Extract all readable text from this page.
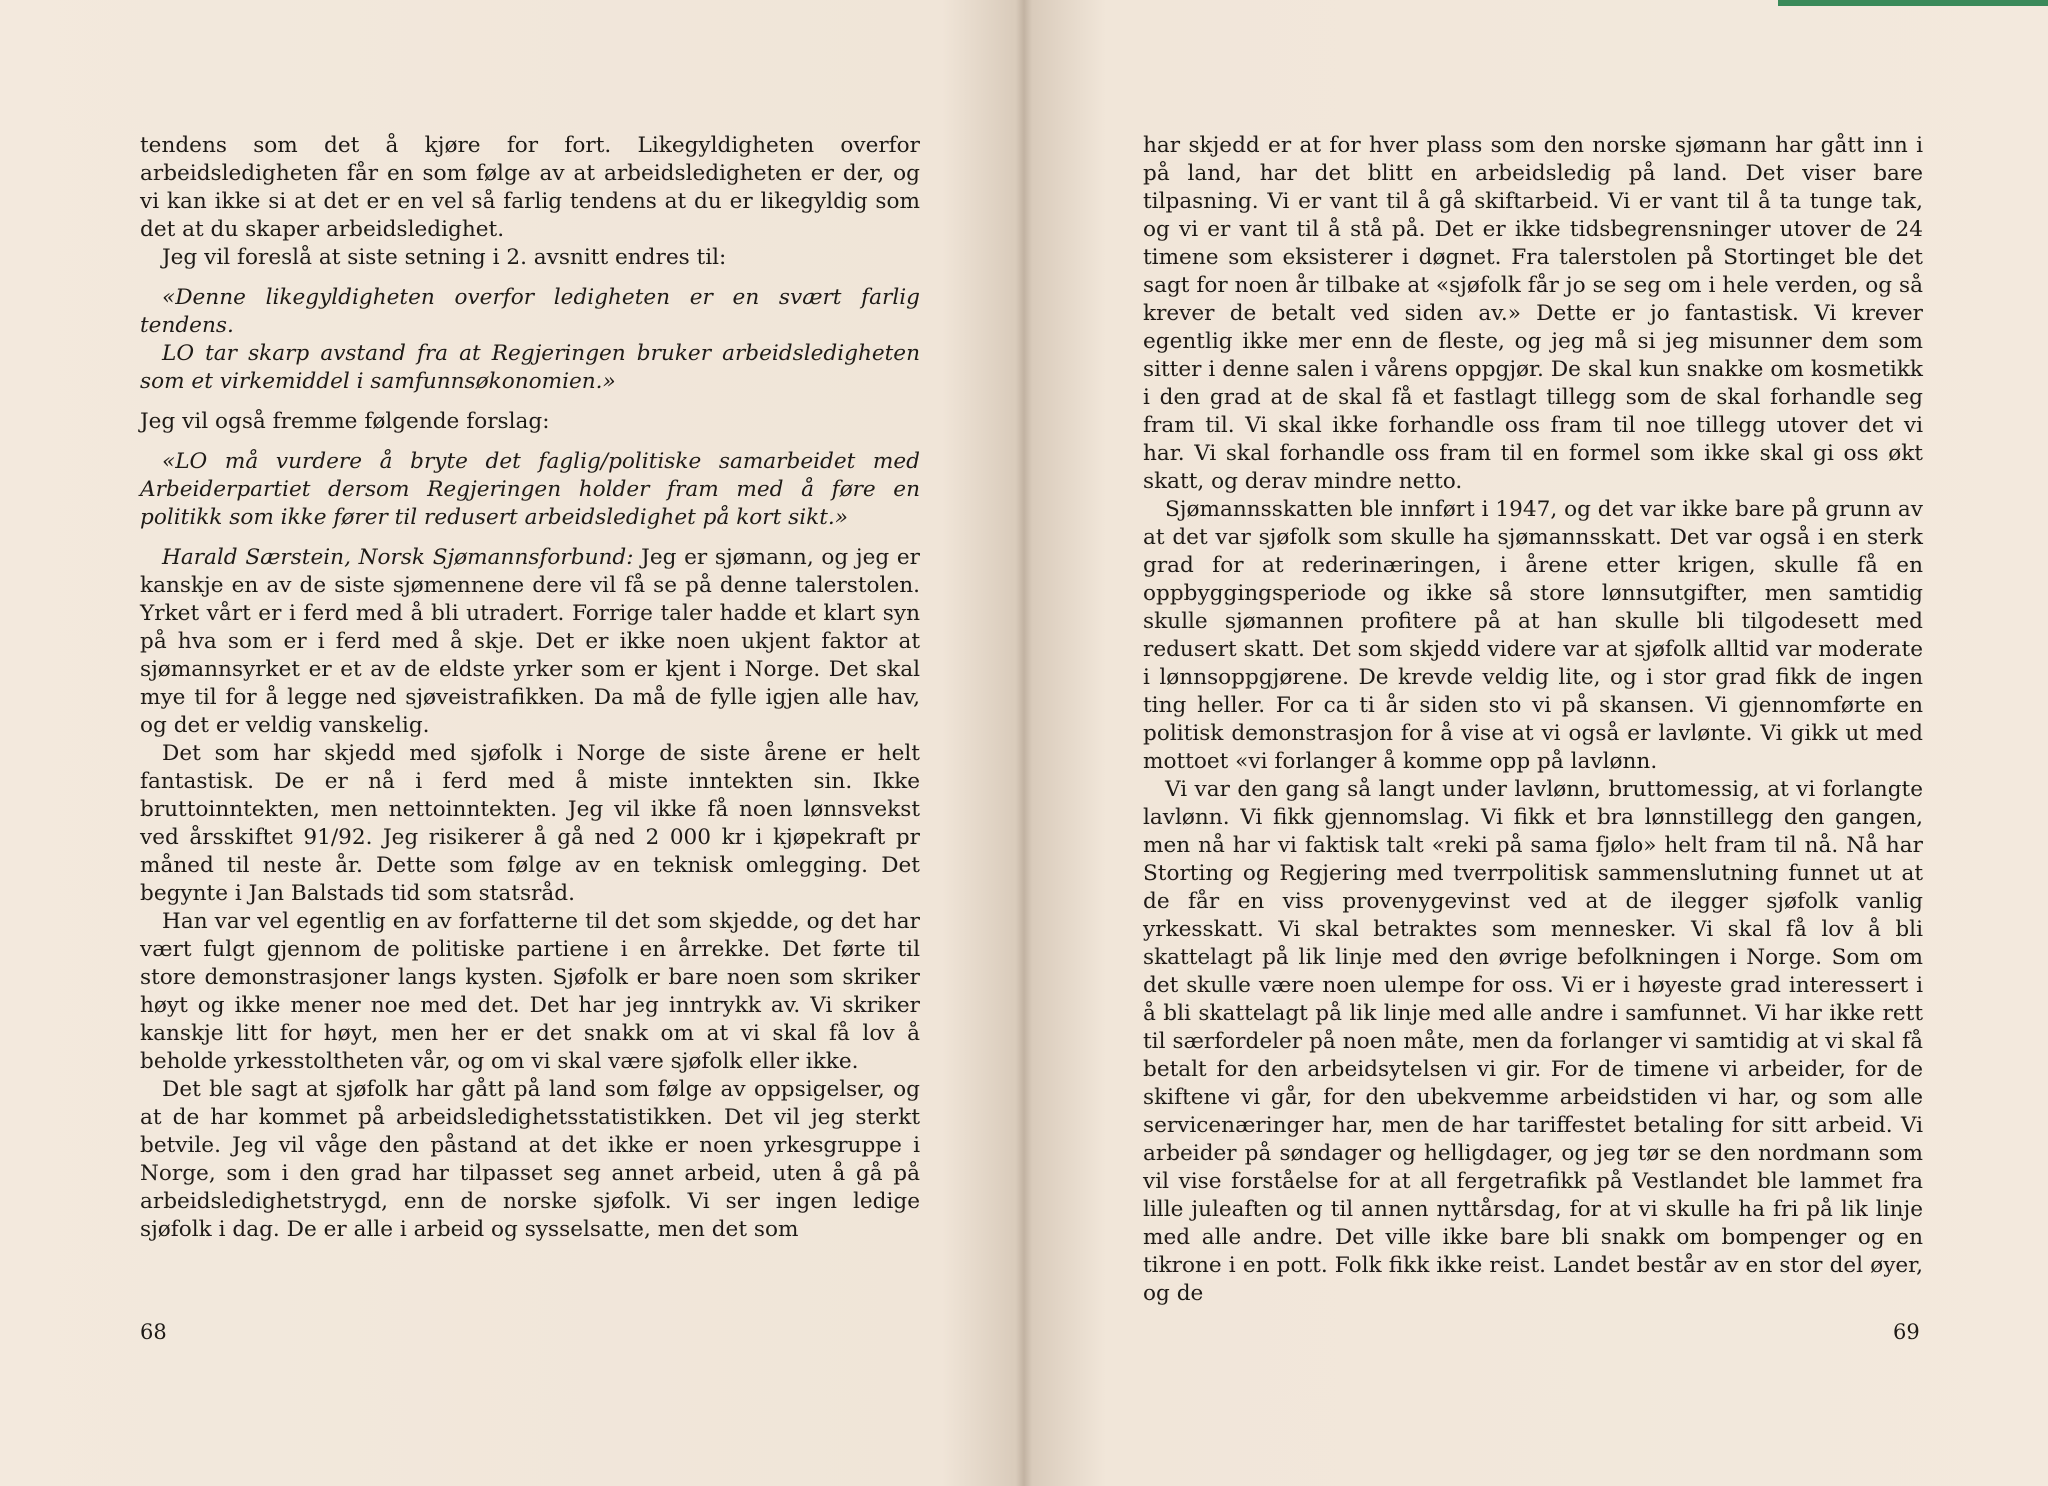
tendens som det å kjøre for fort. Likegyldigheten overfor arbeidsledigheten får en som følge av at arbeidsledigheten er der, og vi kan ikke si at det er en vel så farlig tendens at du er likegyldig som det at du skaper arbeidsledighet.

Jeg vil foreslå at siste setning i 2. avsnitt endres til:

«Denne likegyldigheten overfor ledigheten er en svært farlig tendens.

LO tar skarp avstand fra at Regjeringen bruker arbeidsledigheten som et virkemiddel i samfunnsøkonomien.»

Jeg vil også fremme følgende forslag:

«LO må vurdere å bryte det faglig/politiske samarbeidet med Arbeiderpartiet dersom Regjeringen holder fram med å føre en politikk som ikke fører til redusert arbeidsledighet på kort sikt.»

Harald Særstein, Norsk Sjømannsforbund: Jeg er sjømann, og jeg er kanskje en av de siste sjømennene dere vil få se på denne talerstolen. Yrket vårt er i ferd med å bli utradert. Forrige taler hadde et klart syn på hva som er i ferd med å skje. Det er ikke noen ukjent faktor at sjømannsyrket er et av de eldste yrker som er kjent i Norge. Det skal mye til for å legge ned sjøveistrafikken. Da må de fylle igjen alle hav, og det er veldig vanskelig.

Det som har skjedd med sjøfolk i Norge de siste årene er helt fantastisk. De er nå i ferd med å miste inntekten sin. Ikke bruttoinntekten, men nettoinntekten. Jeg vil ikke få noen lønnsvekst ved årsskiftet 91/92. Jeg risikerer å gå ned 2 000 kr i kjøpekraft pr måned til neste år. Dette som følge av en teknisk omlegging. Det begynte i Jan Balstads tid som statsråd.

Han var vel egentlig en av forfatterne til det som skjedde, og det har vært fulgt gjennom de politiske partiene i en årrekke. Det førte til store demonstrasjoner langs kysten. Sjøfolk er bare noen som skriker høyt og ikke mener noe med det. Det har jeg inntrykk av. Vi skriker kanskje litt for høyt, men her er det snakk om at vi skal få lov å beholde yrkesstoltheten vår, og om vi skal være sjøfolk eller ikke.

Det ble sagt at sjøfolk har gått på land som følge av oppsigelser, og at de har kommet på arbeidsledighetsstatistikken. Det vil jeg sterkt betvile. Jeg vil våge den påstand at det ikke er noen yrkesgruppe i Norge, som i den grad har tilpasset seg annet arbeid, uten å gå på arbeidsledighetstrygd, enn de norske sjøfolk. Vi ser ingen ledige sjøfolk i dag. De er alle i arbeid og sysselsatte, men det som

68

har skjedd er at for hver plass som den norske sjømann har gått inn i på land, har det blitt en arbeidsledig på land. Det viser bare tilpasning. Vi er vant til å gå skiftarbeid. Vi er vant til å ta tunge tak, og vi er vant til å stå på. Det er ikke tidsbegrensninger utover de 24 timene som eksisterer i døgnet. Fra talerstolen på Stortinget ble det sagt for noen år tilbake at «sjøfolk får jo se seg om i hele verden, og så krever de betalt ved siden av.» Dette er jo fantastisk. Vi krever egentlig ikke mer enn de fleste, og jeg må si jeg misunner dem som sitter i denne salen i vårens oppgjør. De skal kun snakke om kosmetikk i den grad at de skal få et fastlagt tillegg som de skal forhandle seg fram til. Vi skal ikke forhandle oss fram til noe tillegg utover det vi har. Vi skal forhandle oss fram til en formel som ikke skal gi oss økt skatt, og derav mindre netto.

Sjømannsskatten ble innført i 1947, og det var ikke bare på grunn av at det var sjøfolk som skulle ha sjømannsskatt. Det var også i en sterk grad for at rederinæringen, i årene etter krigen, skulle få en oppbyggingsperiode og ikke så store lønnsutgifter, men samtidig skulle sjømannen profitere på at han skulle bli tilgodesett med redusert skatt. Det som skjedd videre var at sjøfolk alltid var moderate i lønnsoppgjørene. De krevde veldig lite, og i stor grad fikk de ingen ting heller. For ca ti år siden sto vi på skansen. Vi gjennomførte en politisk demonstrasjon for å vise at vi også er lavlønte. Vi gikk ut med mottoet «vi forlanger å komme opp på lavlønn.

Vi var den gang så langt under lavlønn, bruttomessig, at vi forlangte lavlønn. Vi fikk gjennomslag. Vi fikk et bra lønnstillegg den gangen, men nå har vi faktisk talt «reki på sama fjølo» helt fram til nå. Nå har Storting og Regjering med tverrpolitisk sammenslutning funnet ut at de får en viss provenygevinst ved at de ilegger sjøfolk vanlig yrkesskatt. Vi skal betraktes som mennesker. Vi skal få lov å bli skattelagt på lik linje med den øvrige befolkningen i Norge. Som om det skulle være noen ulempe for oss. Vi er i høyeste grad interessert i å bli skattelagt på lik linje med alle andre i samfunnet. Vi har ikke rett til særfordeler på noen måte, men da forlanger vi samtidig at vi skal få betalt for den arbeidsytelsen vi gir. For de timene vi arbeider, for de skiftene vi går, for den ubekvemme arbeidstiden vi har, og som alle servicenæringer har, men de har tariffestet betaling for sitt arbeid. Vi arbeider på søndager og helligdager, og jeg tør se den nordmann som vil vise forståelse for at all fergetrafikk på Vestlandet ble lammet fra lille juleaften og til annen nyttårsdag, for at vi skulle ha fri på lik linje med alle andre. Det ville ikke bare bli snakk om bompenger og en tikrone i en pott. Folk fikk ikke reist. Landet består av en stor del øyer, og de

69
